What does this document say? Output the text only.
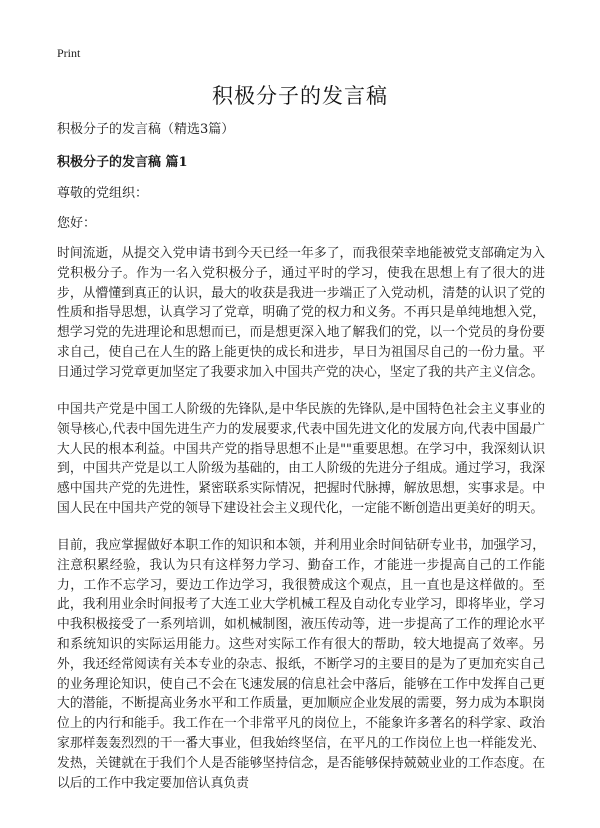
Print
积极分子的发言稿
积极分子的发言稿（精选3篇）
积极分子的发言稿 篇1
尊敬的党组织：
您好：

时间流逝，从提交入党申请书到今天已经一年多了，而我很荣幸地能被党支部确定为入党积极分子。作为一名入党积极分子，通过平时的学习，使我在思想上有了很大的进步，从懵懂到真正的认识，最大的收获是我进一步端正了入党动机，清楚的认识了党的性质和指导思想，认真学习了党章，明确了党的权力和义务。不再只是单纯地想入党，想学习党的先进理论和思想而已，而是想更深入地了解我们的党，以一个党员的身份要求自己，使自己在人生的路上能更快的成长和进步，早日为祖国尽自己的一份力量。平日通过学习党章更加坚定了我要求加入中国共产党的决心，坚定了我的共产主义信念。

中国共产党是中国工人阶级的先锋队,是中华民族的先锋队,是中国特色社会主义事业的领导核心,代表中国先进生产力的发展要求,代表中国先进文化的发展方向,代表中国最广大人民的根本利益。中国共产党的指导思想不止是""重要思想。在学习中，我深刻认识到，中国共产党是以工人阶级为基础的，由工人阶级的先进分子组成。通过学习，我深感中国共产党的先进性，紧密联系实际情况，把握时代脉搏，解放思想，实事求是。中国人民在中国共产党的领导下建设社会主义现代化，一定能不断创造出更美好的明天。

目前，我应掌握做好本职工作的知识和本领，并利用业余时间钻研专业书，加强学习，注意积累经验，我认为只有这样努力学习、勤奋工作，才能进一步提高自己的工作能力，工作不忘学习，要边工作边学习，我很赞成这个观点，且一直也是这样做的。至此，我利用业余时间报考了大连工业大学机械工程及自动化专业学习，即将毕业，学习中我积极接受了一系列培训，如机械制图，液压传动等，进一步提高了工作的理论水平和系统知识的实际运用能力。这些对实际工作有很大的帮助，较大地提高了效率。另外，我还经常阅读有关本专业的杂志、报纸，不断学习的主要目的是为了更加充实自己的业务理论知识，使自己不会在飞速发展的信息社会中落后，能够在工作中发挥自己更大的潜能，不断提高业务水平和工作质量，更加顺应企业发展的需要，努力成为本职岗位上的内行和能手。我工作在一个非常平凡的岗位上，不能象许多著名的科学家、政治家那样轰轰烈烈的干一番大事业，但我始终坚信，在平凡的工作岗位上也一样能发光、发热，关键就在于我们个人是否能够坚持信念，是否能够保持兢兢业业的工作态度。在以后的工作中我定要加倍认真负责
